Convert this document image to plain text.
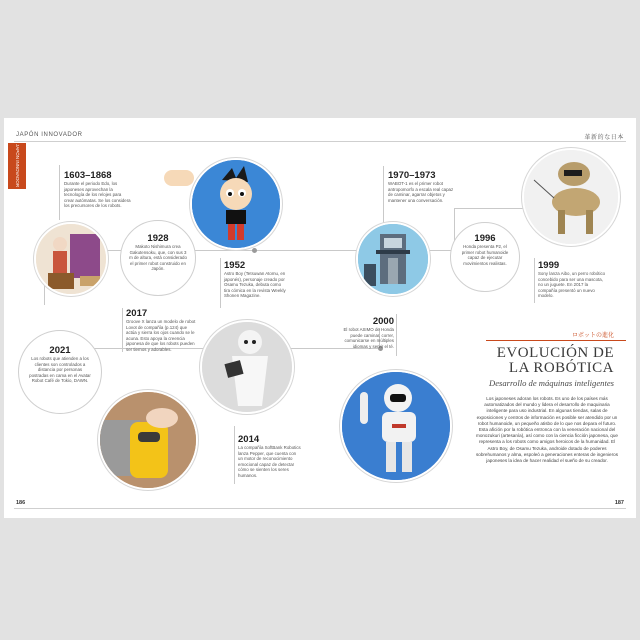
JAPÓN INNOVADOR	革新的な日本
JAPÓN INNOVADOR	1603–1868
Durante el periodo Edo, los japoneses aprovechan la tecnología de los relojes para crear autómatas. Se los considera los precursores de los robots.
1928
Makoto Nishimura crea Gakutensoku, que, con sus 3 m de altura, está considerado el primer robot construido en Japón.	1952
Astro Boy (Tetsuwan Atomu, en japonés), personaje creado por Osamu Tezuka, debuta como tira cómica en la revista Weekly Shonen Magazine.
1970–1973
WABOT-1 es el primer robot antropomorfo a escala real capaz de caminar, agarrar objetos y mantener una conversación.
1996
Honda presenta P2, el primer robot humanoide capaz de ejecutar movimientos realistas.	1999
Sony lanza Aibo, un perro robótico concebido para ser una mascota, no un juguete. En 2017 la compañía presentó un nuevo modelo.
2017
Groove X lanza un modelo de robot Lovot de compañía (p.124) que actúa y sierra los ojos cuando se le acuna. Esto apoya la creencia japonesa de que los robots pueden ser tiernos y adorables.
2021
Los robots que atienden a los clientes son controlados a distancia por personas postradas en cama en el Avatar Robot Café de Tokio, DAWN.
2014
La compañía SoftBank Robotics lanza Pepper, que cuenta con un motor de reconocimiento emocional capaz de detectar cómo se sienten los seres humanos.
2000
El robot ASIMO de Honda puede caminar, correr, comunicarse en múltiples idiomas y servir el té.
ロボットの進化
EVOLUCIÓN DE
LA ROBÓTICA
Desarrollo de máquinas inteligentes
Los japoneses adoran los robots. Es uno de los países más automatizados del mundo y lidera el desarrollo de maquinaria inteligente para uso industrial. En algunas tiendas, salas de exposiciones y centros de información es posible ser atendido por un robot humanoide, un pequeño atisbo de lo que nos depara el futuro. Esta afición por la robótica entronca con la veneración nacional del monozukuri (artesanía), así como con la ciencia ficción japonesa, que representa a los robots como amigos heroicos de la humanidad. El Astro Boy, de Osamu Tezuka, androide dotado de poderes sobrehumanos y alma, espoleó a generaciones enteras de ingenieros japoneses la idea de hacer realidad el sueño de su creador.
186	187
